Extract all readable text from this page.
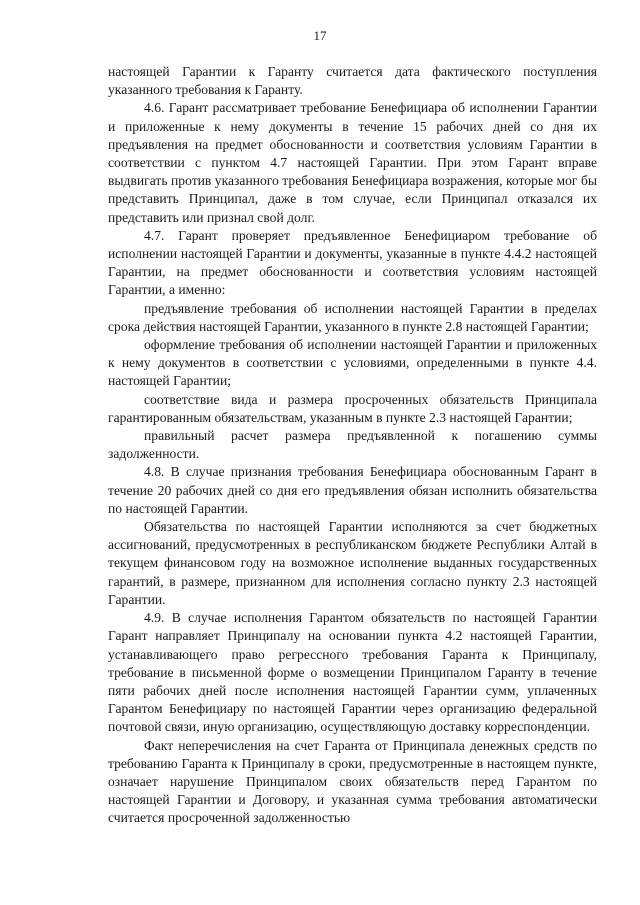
17

настоящей Гарантии к Гаранту считается дата фактического поступления указанного требования к Гаранту.

4.6. Гарант рассматривает требование Бенефициара об исполнении Гарантии и приложенные к нему документы в течение 15 рабочих дней со дня их предъявления на предмет обоснованности и соответствия условиям Гарантии в соответствии с пунктом 4.7 настоящей Гарантии. При этом Гарант вправе выдвигать против указанного требования Бенефициара возражения, которые мог бы представить Принципал, даже в том случае, если Принципал отказался их представить или признал свой долг.

4.7. Гарант проверяет предъявленное Бенефициаром требование об исполнении настоящей Гарантии и документы, указанные в пункте 4.4.2 настоящей Гарантии, на предмет обоснованности и соответствия условиям настоящей Гарантии, а именно:

предъявление требования об исполнении настоящей Гарантии в пределах срока действия настоящей Гарантии, указанного в пункте 2.8 настоящей Гарантии;

оформление требования об исполнении настоящей Гарантии и приложенных к нему документов в соответствии с условиями, определенными в пункте 4.4. настоящей Гарантии;

соответствие вида и размера просроченных обязательств Принципала гарантированным обязательствам, указанным в пункте 2.3 настоящей Гарантии;

правильный расчет размера предъявленной к погашению суммы задолженности.

4.8. В случае признания требования Бенефициара обоснованным Гарант в течение 20 рабочих дней со дня его предъявления обязан исполнить обязательства по настоящей Гарантии.

Обязательства по настоящей Гарантии исполняются за счет бюджетных ассигнований, предусмотренных в республиканском бюджете Республики Алтай в текущем финансовом году на возможное исполнение выданных государственных гарантий, в размере, признанном для исполнения согласно пункту 2.3 настоящей Гарантии.

4.9. В случае исполнения Гарантом обязательств по настоящей Гарантии Гарант направляет Принципалу на основании пункта 4.2 настоящей Гарантии, устанавливающего право регрессного требования Гаранта к Принципалу, требование в письменной форме о возмещении Принципалом Гаранту в течение пяти рабочих дней после исполнения настоящей Гарантии сумм, уплаченных Гарантом Бенефициару по настоящей Гарантии через организацию федеральной почтовой связи, иную организацию, осуществляющую доставку корреспонденции.

Факт неперечисления на счет Гаранта от Принципала денежных средств по требованию Гаранта к Принципалу в сроки, предусмотренные в настоящем пункте, означает нарушение Принципалом своих обязательств перед Гарантом по настоящей Гарантии и Договору, и указанная сумма требования автоматически считается просроченной задолженностью
